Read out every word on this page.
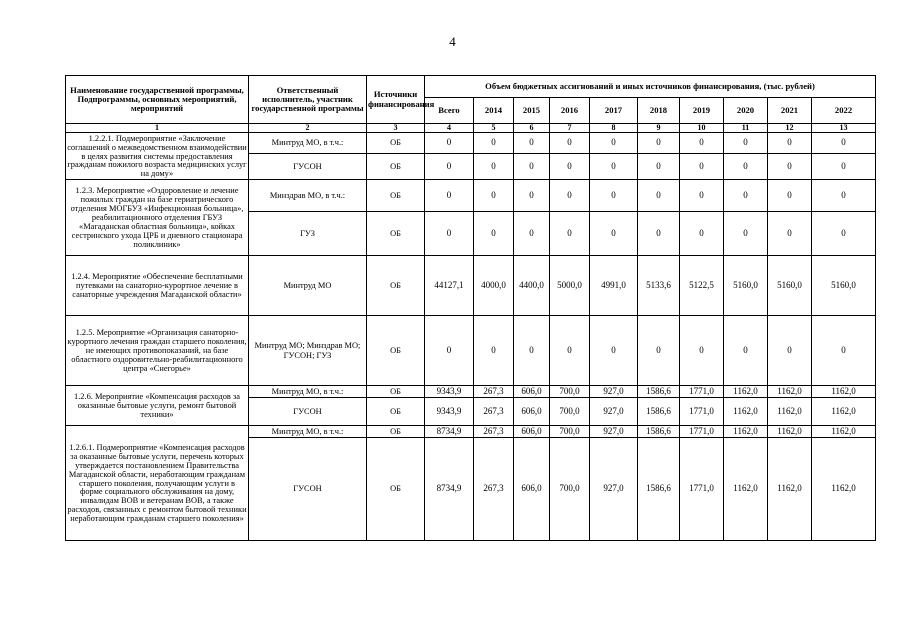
4
Наименование государственной программы, Подпрограммы, основных мероприятий, мероприятий	Ответственный исполнитель, участник государственной программы	Источники финансирования	Объем бюджетных ассигнований и иных источников финансирования, (тыс. рублей)									
			Всего	2014	2015	2016	2017	2018	2019	2020	2021	2022
1	2	3	4	5	6	7	8	9	10	11	12	13
1.2.2.1. Подмероприятие «Заключение соглашений о межведомственном взаимодействии в целях развития системы предоставления гражданам пожилого возраста медицинских услуг на дому»	Минтруд МО, в т.ч.:	ОБ	0	0	0	0	0	0	0	0	0	0
	ГУСОН	ОБ	0	0	0	0	0	0	0	0	0	0
1.2.3. Мероприятие «Оздоровление и лечение пожилых граждан на базе гериатрического отделения МОГБУЗ «Инфекционная больница», реабилитационного отделения ГБУЗ «Магаданская областная больница», койках сестринского ухода ЦРБ и дневного стационара поликлиник»	Минздрав МО, в т.ч.:	ОБ	0	0	0	0	0	0	0	0	0	0
	ГУЗ	ОБ	0	0	0	0	0	0	0	0	0	0
1.2.4. Мероприятие «Обеспечение бесплатными путевками на санаторно-курортное лечение в санаторные учреждения Магаданской области»	Минтруд МО	ОБ	44127,1	4000,0	4400,0	5000,0	4991,0	5133,6	5122,5	5160,0	5160,0	5160,0
1.2.5. Мероприятие «Организация санаторно-курортного лечения граждан старшего поколения, не имеющих противопоказаний, на базе областного оздоровительно-реабилитационного центра «Снегорье»	Минтруд МО; Минздрав МО; ГУСОН; ГУЗ	ОБ	0	0	0	0	0	0	0	0	0	0
1.2.6. Мероприятие «Компенсация расходов за оказанные бытовые услуги, ремонт бытовой техники»	Минтруд МО, в т.ч.:	ОБ	9343,9	267,3	606,0	700,0	927,0	1586,6	1771,0	1162,0	1162,0	1162,0
	ГУСОН	ОБ	9343,9	267,3	606,0	700,0	927,0	1586,6	1771,0	1162,0	1162,0	1162,0
1.2.6.1. Подмероприятие «Компенсация расходов за оказанные бытовые услуги, перечень которых утверждается постановлением Правительства Магаданской области, неработающим гражданам старшего поколения, получающим услуги в форме социального обслуживания на дому, инвалидам ВОВ и ветеранам ВОВ, а также расходов, связанных с ремонтом бытовой техники неработающим гражданам старшего поколения»	Минтруд МО, в т.ч.:	ОБ	8734,9	267,3	606,0	700,0	927,0	1586,6	1771,0	1162,0	1162,0	1162,0
	ГУСОН	ОБ	8734,9	267,3	606,0	700,0	927,0	1586,6	1771,0	1162,0	1162,0	1162,0
